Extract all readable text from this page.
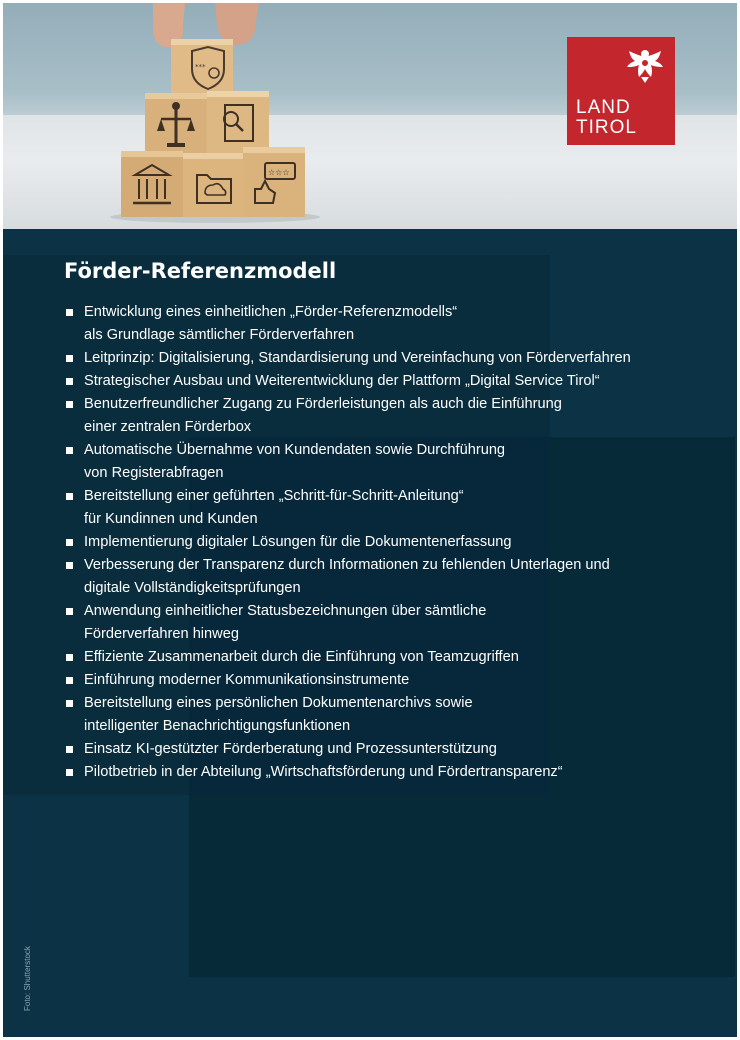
***
☆☆☆
LAND
TIROL
Förder-Referenzmodell
Entwicklung eines einheitlichen „Förder-Referenzmodells“
als Grundlage sämtlicher Förderverfahren
Leitprinzip: Digitalisierung, Standardisierung und Vereinfachung von Förderverfahren
Strategischer Ausbau und Weiterentwicklung der Plattform „Digital Service Tirol“
Benutzerfreundlicher Zugang zu Förderleistungen als auch die Einführung
einer zentralen Förderbox
Automatische Übernahme von Kundendaten sowie Durchführung
von Registerabfragen
Bereitstellung einer geführten „Schritt-für-Schritt-Anleitung“
für Kundinnen und Kunden
Implementierung digitaler Lösungen für die Dokumentenerfassung
Verbesserung der Transparenz durch Informationen zu fehlenden Unterlagen und
digitale Vollständigkeitsprüfungen
Anwendung einheitlicher Statusbezeichnungen über sämtliche
Förderverfahren hinweg
Effiziente Zusammenarbeit durch die Einführung von Teamzugriffen
Einführung moderner Kommunikationsinstrumente
Bereitstellung eines persönlichen Dokumentenarchivs sowie
intelligenter Benachrichtigungsfunktionen
Einsatz KI-gestützter Förderberatung und Prozessunterstützung
Pilotbetrieb in der Abteilung „Wirtschaftsförderung und Fördertransparenz“
Foto: Shutterstock
